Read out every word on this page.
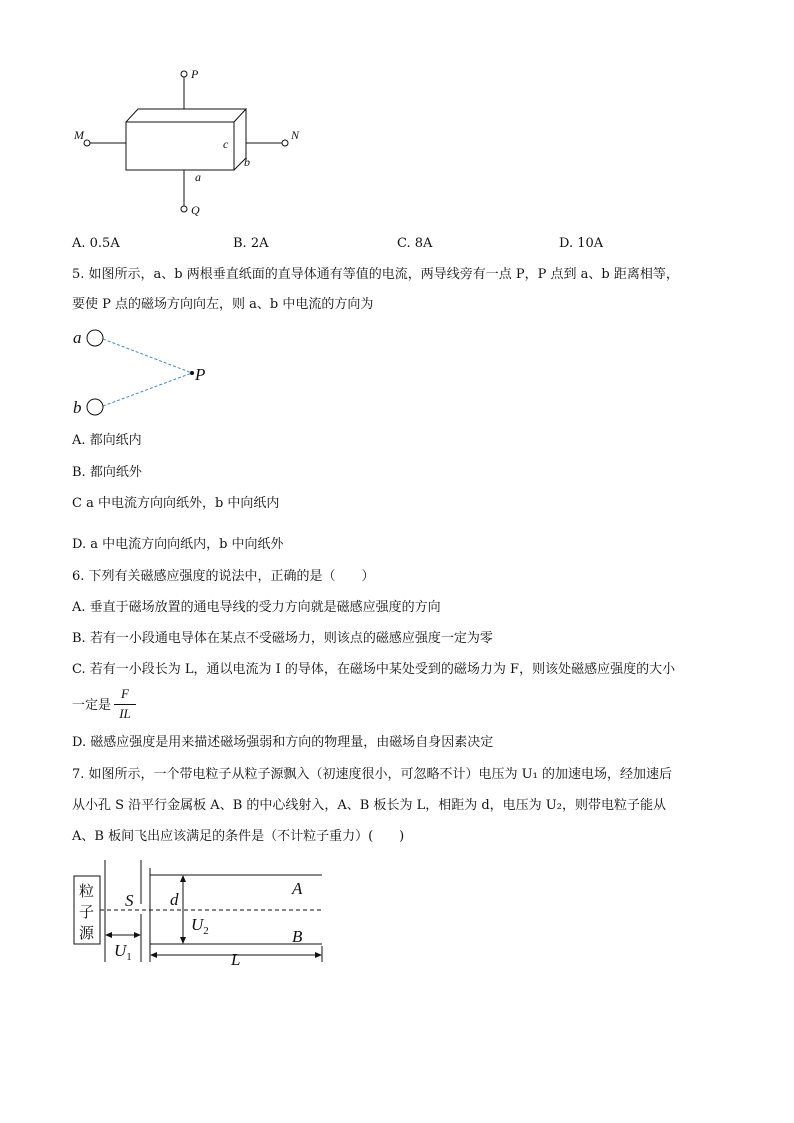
P
Q
M	N
c
b
a
A. 0.5A	B. 2A	C. 8A	D. 10A
5. 如图所示，a、b 两根垂直纸面的直导体通有等值的电流，两导线旁有一点 P，P 点到 a、b 距离相等，
要使 P 点的磁场方向向左，则 a、b 中电流的方向为
a
b
P
A. 都向纸内
B. 都向纸外
C a 中电流方向向纸外，b 中向纸内
D. a 中电流方向向纸内，b 中向纸外
6. 下列有关磁感应强度的说法中，正确的是（　　）
A. 垂直于磁场放置的通电导线的受力方向就是磁感应强度的方向
B. 若有一小段通电导体在某点不受磁场力，则该点的磁感应强度一定为零
C. 若有一小段长为 L，通以电流为 I 的导体，在磁场中某处受到的磁场力为 F，则该处磁感应强度的大小
一定是
F
IL
D. 磁感应强度是用来描述磁场强弱和方向的物理量，由磁场自身因素决定
7. 如图所示，一个带电粒子从粒子源飘入（初速度很小，可忽略不计）电压为 U₁ 的加速电场，经加速后
从小孔 S 沿平行金属板 A、B 的中心线射入，A、B 板长为 L，相距为 d，电压为 U₂，则带电粒子能从
A、B 板间飞出应该满足的条件是（不计粒子重力）(　　)
粒
子
源
S d
A
B
$U_2$
$U_1$	L
